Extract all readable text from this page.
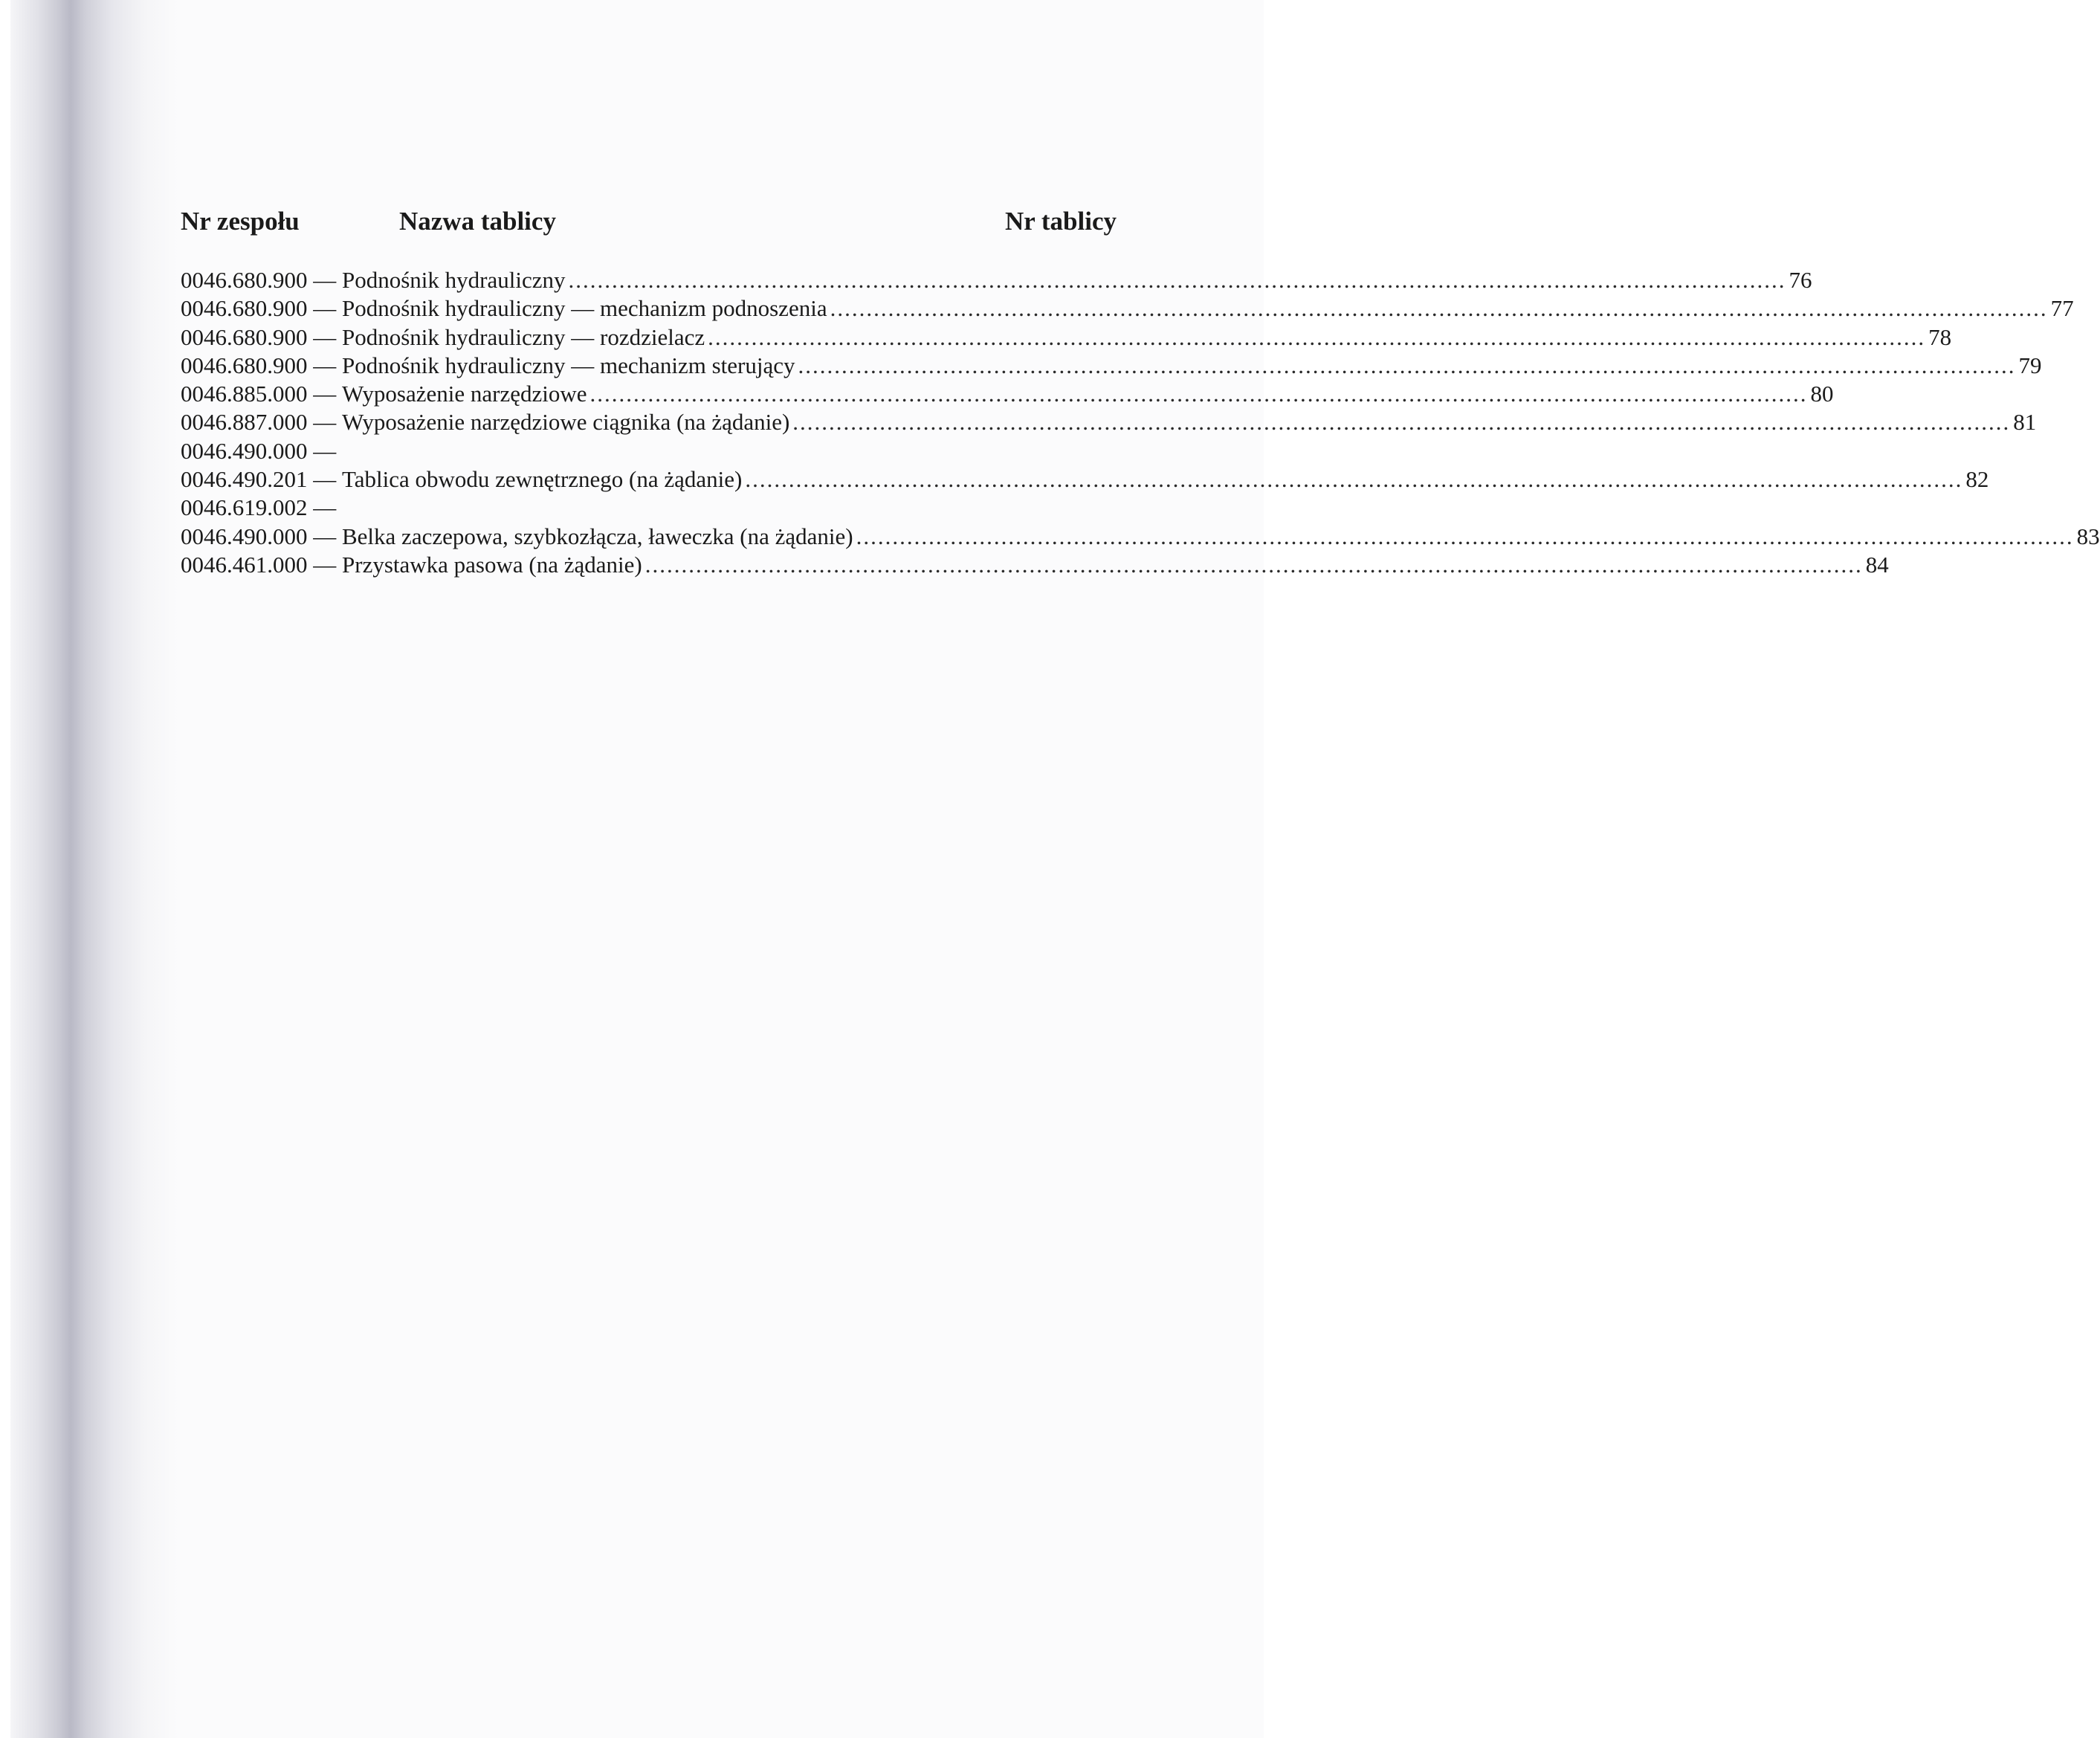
Nr zespołu	Nazwa tablicy	Nr tablicy
0046.680.900 — Podnośnik hydrauliczny ........................................................................................................................................................................ 76
0046.680.900 — Podnośnik hydrauliczny — mechanizm podnoszenia ........................................................................................................................................................................ 77
0046.680.900 — Podnośnik hydrauliczny — rozdzielacz ........................................................................................................................................................................ 78
0046.680.900 — Podnośnik hydrauliczny — mechanizm sterujący ........................................................................................................................................................................ 79
0046.885.000 — Wyposażenie narzędziowe ........................................................................................................................................................................ 80
0046.887.000 — Wyposażenie narzędziowe ciągnika (na żądanie) ........................................................................................................................................................................ 81
0046.490.000 —
0046.490.201 — Tablica obwodu zewnętrznego (na żądanie) ........................................................................................................................................................................ 82
0046.619.002 —
0046.490.000 — Belka zaczepowa, szybkozłącza, ławeczka (na żądanie) ........................................................................................................................................................................ 83
0046.461.000 — Przystawka pasowa (na żądanie) ........................................................................................................................................................................ 84
